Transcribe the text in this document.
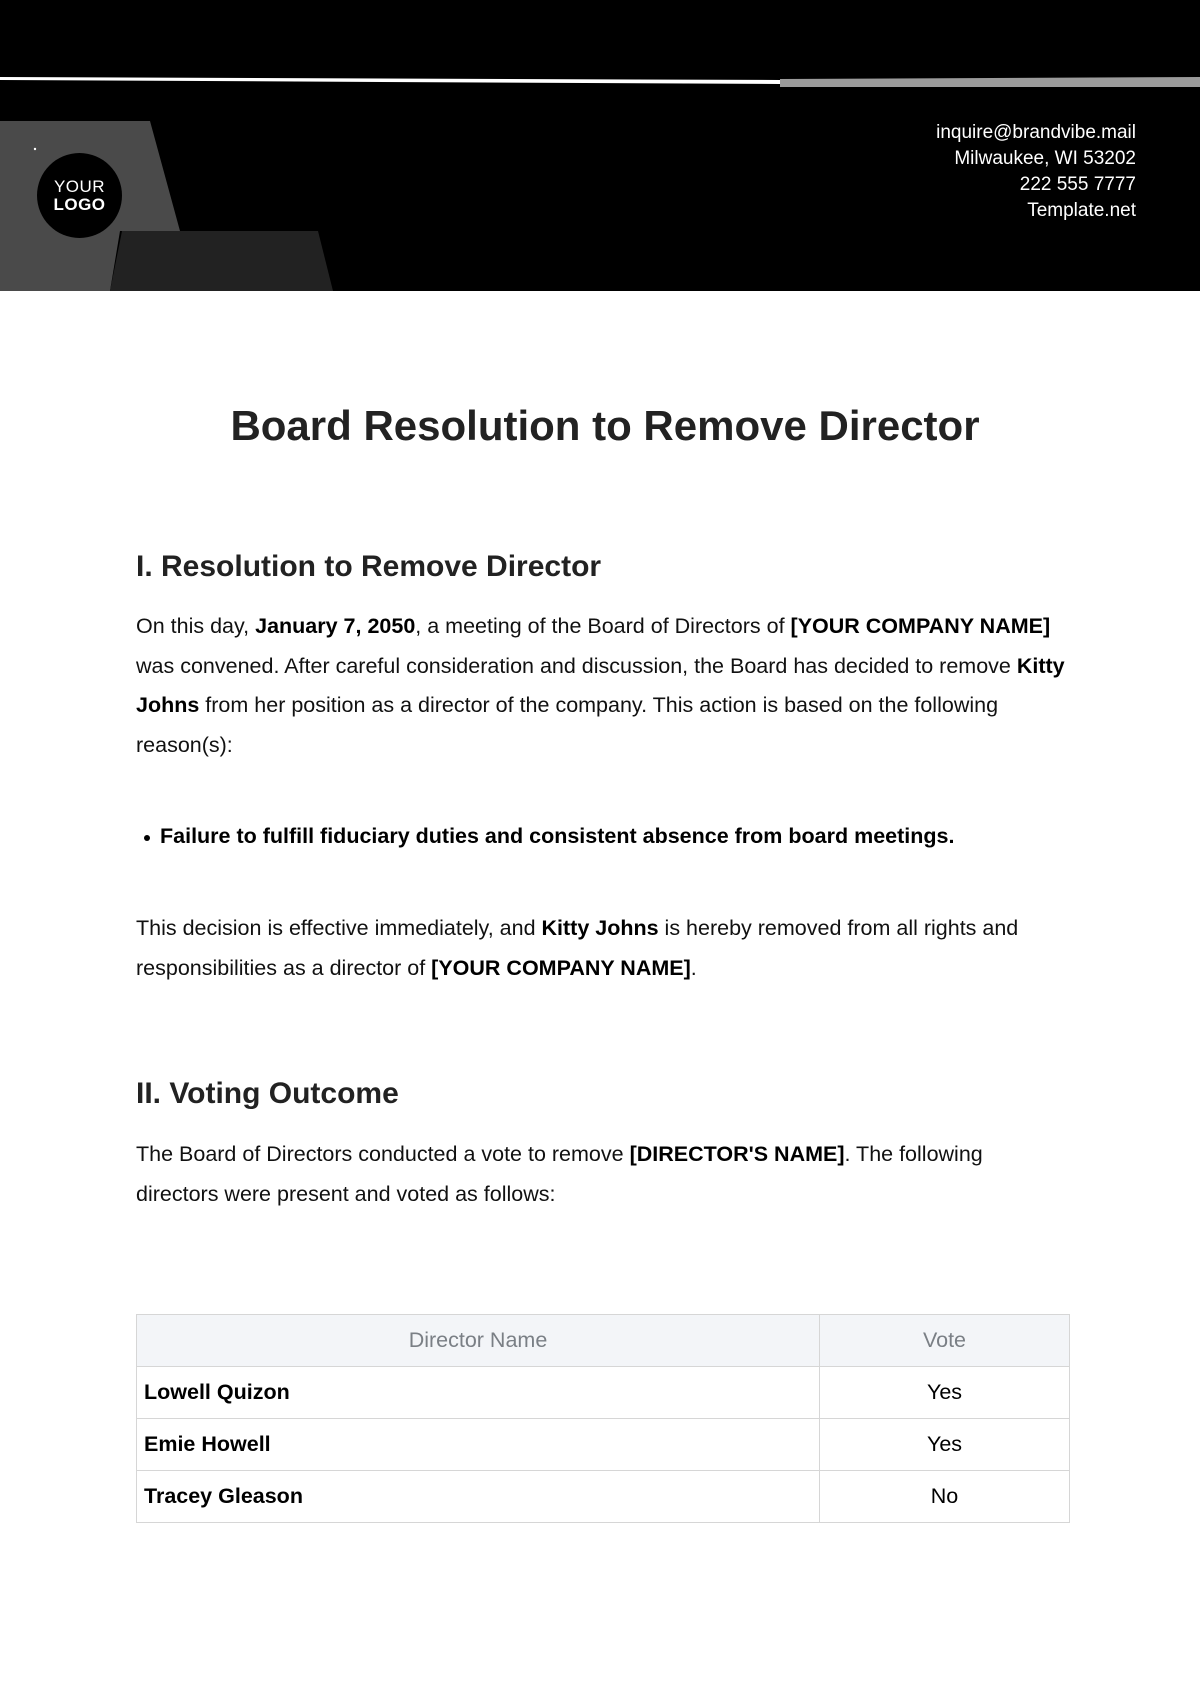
YOUR
LOGO
inquire@brandvibe.mail
Milwaukee, WI 53202
222 555 7777
Template.net
Board Resolution to Remove Director
I. Resolution to Remove Director

On this day, January 7, 2050, a meeting of the Board of Directors of [YOUR COMPANY NAME] was convened. After careful consideration and discussion, the Board has decided to remove Kitty Johns from her position as a director of the company. This action is based on the following reason(s):

Failure to fulfill fiduciary duties and consistent absence from board meetings.

This decision is effective immediately, and Kitty Johns is hereby removed from all rights and responsibilities as a director of [YOUR COMPANY NAME].

II. Voting Outcome

The Board of Directors conducted a vote to remove [DIRECTOR'S NAME]. The following directors were present and voted as follows:

Director Name	Vote
Lowell Quizon	Yes
Emie Howell	Yes
Tracey Gleason	No
